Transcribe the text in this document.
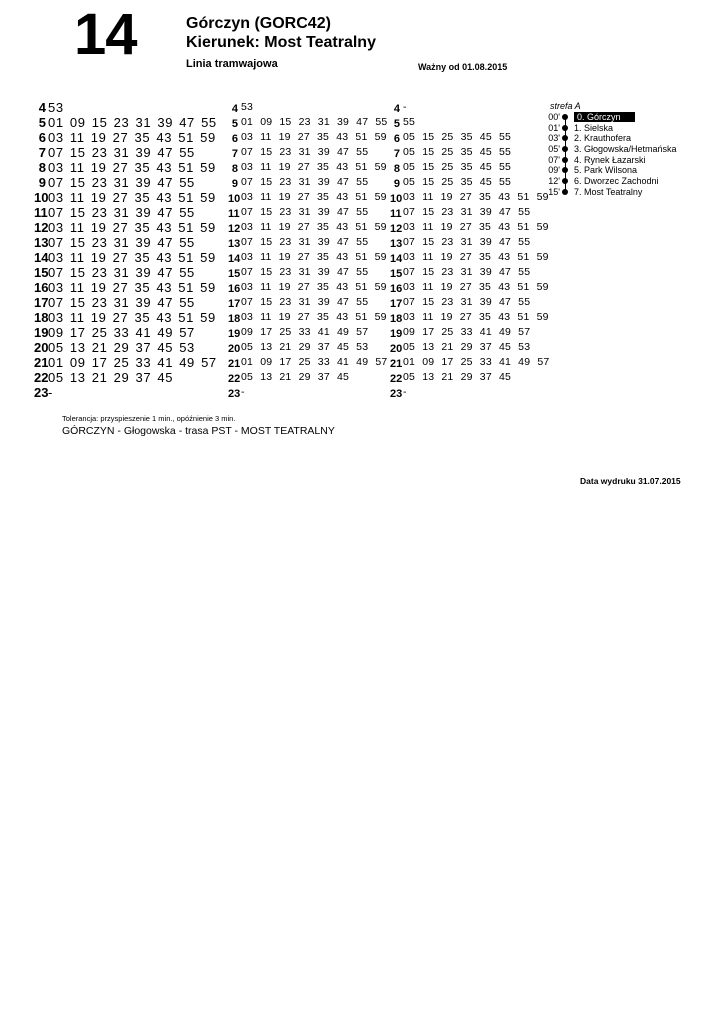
14	Górczyn (GORC42)
Kierunek: Most Teatralny
Linia tramwajowa	Ważny od 01.08.2015
4 53
5 01 09 15 23 31 39 47 55
6 03 11 19 27 35 43 51 59
7 07 15 23 31 39 47 55
8 03 11 19 27 35 43 51 59
9 07 15 23 31 39 47 55
10 03 11 19 27 35 43 51 59
11 07 15 23 31 39 47 55
12 03 11 19 27 35 43 51 59
13 07 15 23 31 39 47 55
14 03 11 19 27 35 43 51 59
15 07 15 23 31 39 47 55
16 03 11 19 27 35 43 51 59
17 07 15 23 31 39 47 55
18 03 11 19 27 35 43 51 59
19 09 17 25 33 41 49 57
20 05 13 21 29 37 45 53
21 01 09 17 25 33 41 49 57
22 05 13 21 29 37 45
23 -
4 53
5 01 09 15 23 31 39 47 55
6 03 11 19 27 35 43 51 59
7 07 15 23 31 39 47 55
8 03 11 19 27 35 43 51 59
9 07 15 23 31 39 47 55
10 03 11 19 27 35 43 51 59
11 07 15 23 31 39 47 55
12 03 11 19 27 35 43 51 59
13 07 15 23 31 39 47 55
14 03 11 19 27 35 43 51 59
15 07 15 23 31 39 47 55
16 03 11 19 27 35 43 51 59
17 07 15 23 31 39 47 55
18 03 11 19 27 35 43 51 59
19 09 17 25 33 41 49 57
20 05 13 21 29 37 45 53
21 01 09 17 25 33 41 49 57
22 05 13 21 29 37 45
23 -
4 -
5 55
6 05 15 25 35 45 55
7 05 15 25 35 45 55
8 05 15 25 35 45 55
9 05 15 25 35 45 55
10 03 11 19 27 35 43 51 59
11 07 15 23 31 39 47 55
12 03 11 19 27 35 43 51 59
13 07 15 23 31 39 47 55
14 03 11 19 27 35 43 51 59
15 07 15 23 31 39 47 55
16 03 11 19 27 35 43 51 59
17 07 15 23 31 39 47 55
18 03 11 19 27 35 43 51 59
19 09 17 25 33 41 49 57
20 05 13 21 29 37 45 53
21 01 09 17 25 33 41 49 57
22 05 13 21 29 37 45
23 -
strefa A
00' 0. Górczyn
01' 1. Sielska
03' 2. Krauthofera
05' 3. Głogowska/Hetmańska
07' 4. Rynek Łazarski
09' 5. Park Wilsona
12' 6. Dworzec Zachodni
15' 7. Most Teatralny
Tolerancja: przyspieszenie 1 min., opóźnienie 3 min.
GÓRCZYN - Głogowska - trasa PST - MOST TEATRALNY
Data wydruku 31.07.2015
